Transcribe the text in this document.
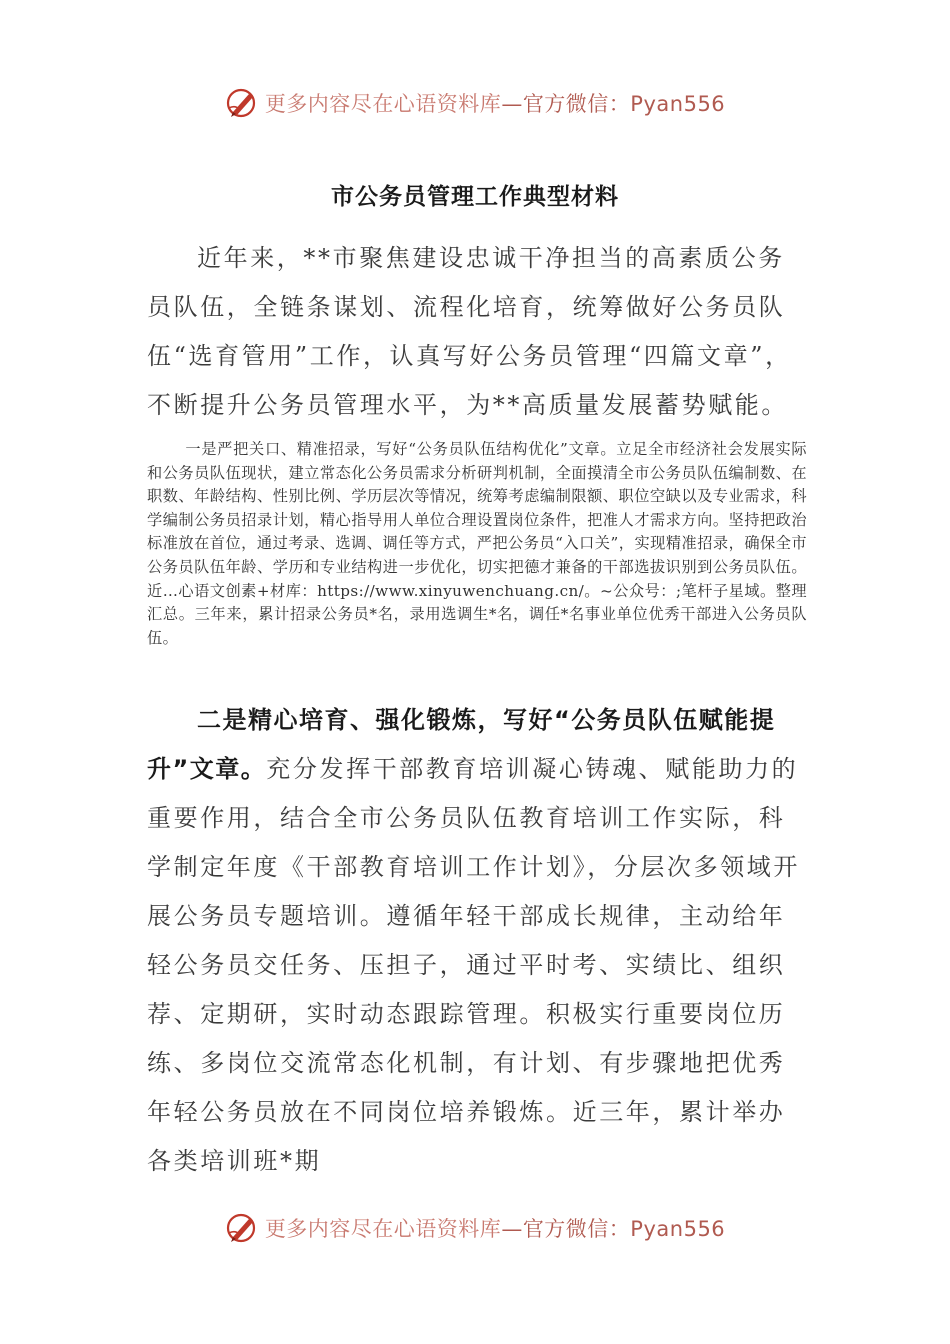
更多内容尽在心语资料库—官方微信：Pyan556
市公务员管理工作典型材料

近年来，**市聚焦建设忠诚干净担当的高素质公务员队伍，全链条谋划、流程化培育，统筹做好公务员队伍“选育管用”工作，认真写好公务员管理“四篇文章”，不断提升公务员管理水平，为**高质量发展蓄势赋能。

一是严把关口、精准招录，写好“公务员队伍结构优化”文章。立足全市经济社会发展实际和公务员队伍现状，建立常态化公务员需求分析研判机制，全面摸清全市公务员队伍编制数、在职数、年龄结构、性别比例、学历层次等情况，统筹考虑编制限额、职位空缺以及专业需求，科学编制公务员招录计划，精心指导用人单位合理设置岗位条件，把准人才需求方向。坚持把政治标准放在首位，通过考录、选调、调任等方式，严把公务员“入口关”，实现精准招录，确保全市公务员队伍年龄、学历和专业结构进一步优化，切实把德才兼备的干部选拔识别到公务员队伍。近…心语文创素+材库：https://www.xinyuwenchuang.cn/。~公众号：;笔杆子星域。整理汇总。三年来，累计招录公务员*名，录用选调生*名，调任*名事业单位优秀干部进入公务员队伍。

二是精心培育、强化锻炼，写好“公务员队伍赋能提升”文章。充分发挥干部教育培训凝心铸魂、赋能助力的重要作用，结合全市公务员队伍教育培训工作实际，科学制定年度《干部教育培训工作计划》，分层次多领域开展公务员专题培训。遵循年轻干部成长规律，主动给年轻公务员交任务、压担子，通过平时考、实绩比、组织荐、定期研，实时动态跟踪管理。积极实行重要岗位历练、多岗位交流常态化机制，有计划、有步骤地把优秀年轻公务员放在不同岗位培养锻炼。近三年，累计举办各类培训班*期

更多内容尽在心语资料库—官方微信：Pyan556
